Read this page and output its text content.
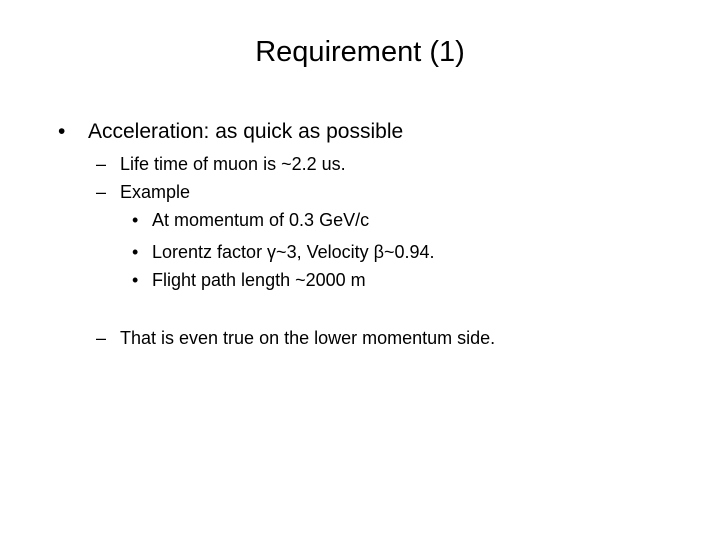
Requirement (1)
• Acceleration: as quick as possible
– Life time of muon is ~2.2 us.
– Example
• At momentum of 0.3 GeV/c
• Lorentz factor γ~3, Velocity β~0.94.
• Flight path length ~2000 m
– That is even true on the lower momentum side.
